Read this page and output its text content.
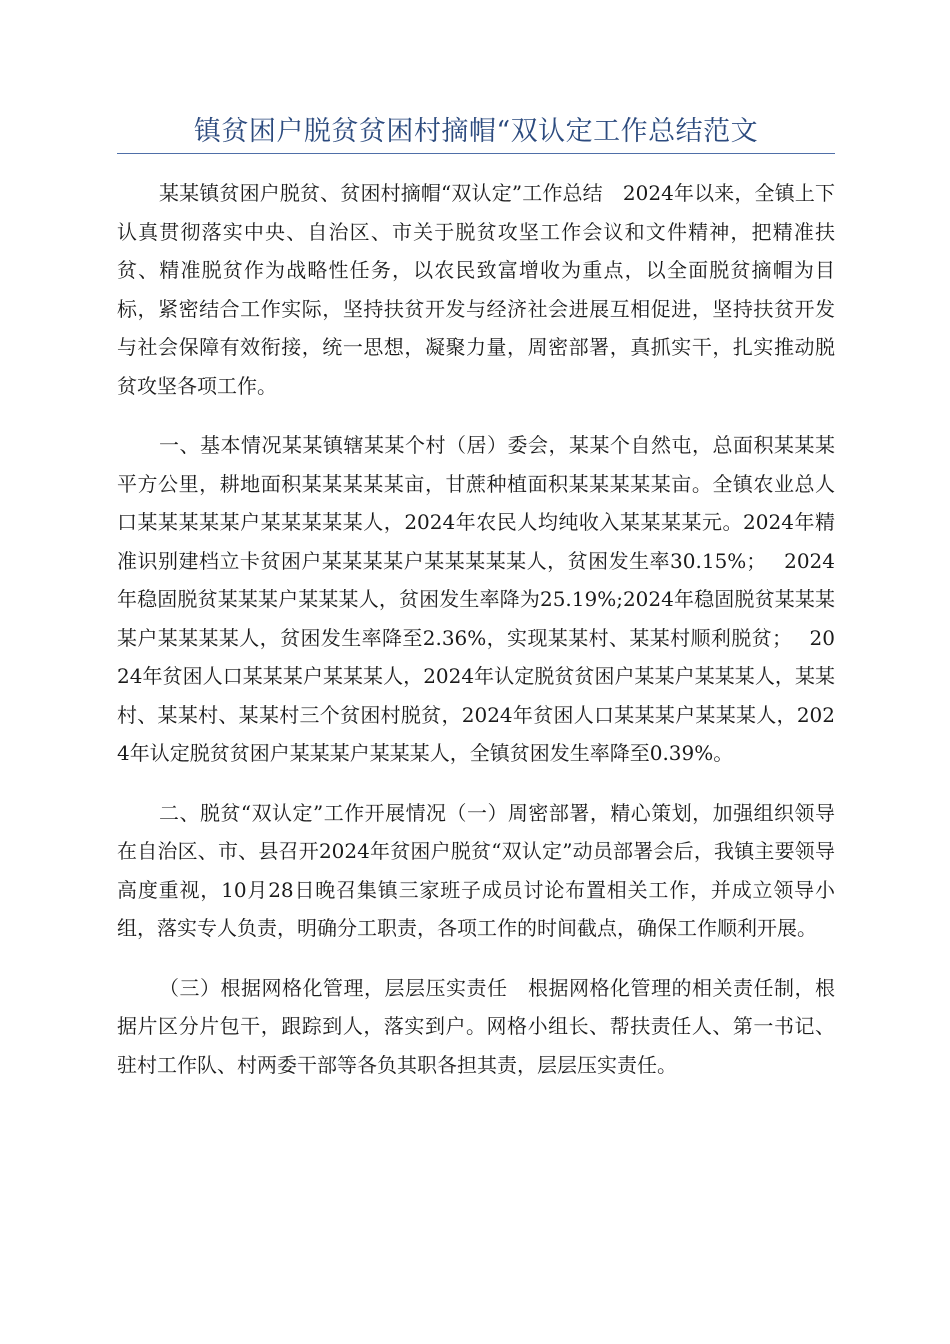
镇贫困户脱贫贫困村摘帽“双认定工作总结范文

某某镇贫困户脱贫、贫困村摘帽“双认定”工作总结　2024年以来，全镇上下认真贯彻落实中央、自治区、市关于脱贫攻坚工作会议和文件精神，把精准扶贫、精准脱贫作为战略性任务，以农民致富增收为重点，以全面脱贫摘帽为目标，紧密结合工作实际，坚持扶贫开发与经济社会进展互相促进，坚持扶贫开发与社会保障有效衔接，统一思想，凝聚力量，周密部署，真抓实干，扎实推动脱贫攻坚各项工作。

一、基本情况某某镇辖某某个村（居）委会，某某个自然屯，总面积某某某平方公里，耕地面积某某某某某亩，甘蔗种植面积某某某某某亩。全镇农业总人口某某某某某户某某某某某人，2024年农民人均纯收入某某某某元。2024年精准识别建档立卡贫困户某某某某户某某某某某人，贫困发生率30.15%；　 2024年稳固脱贫某某某户某某某人，贫困发生率降为25.19%;2024年稳固脱贫某某某某户某某某某人，贫困发生率降至2.36%，实现某某村、某某村顺利脱贫；　 2024年贫困人口某某某户某某某人，2024年认定脱贫贫困户某某户某某某人，某某村、某某村、某某村三个贫困村脱贫，2024年贫困人口某某某户某某某人，2024年认定脱贫贫困户某某某户某某某人，全镇贫困发生率降至0.39%。

二、脱贫“双认定”工作开展情况（一）周密部署，精心策划，加强组织领导在自治区、市、县召开2024年贫困户脱贫“双认定”动员部署会后，我镇主要领导高度重视，10月28日晚召集镇三家班子成员讨论布置相关工作，并成立领导小组，落实专人负责，明确分工职责，各项工作的时间截点，确保工作顺利开展。

（三）根据网格化管理，层层压实责任　根据网格化管理的相关责任制，根据片区分片包干，跟踪到人，落实到户。网格小组长、帮扶责任人、第一书记、驻村工作队、村两委干部等各负其职各担其责，层层压实责任。
